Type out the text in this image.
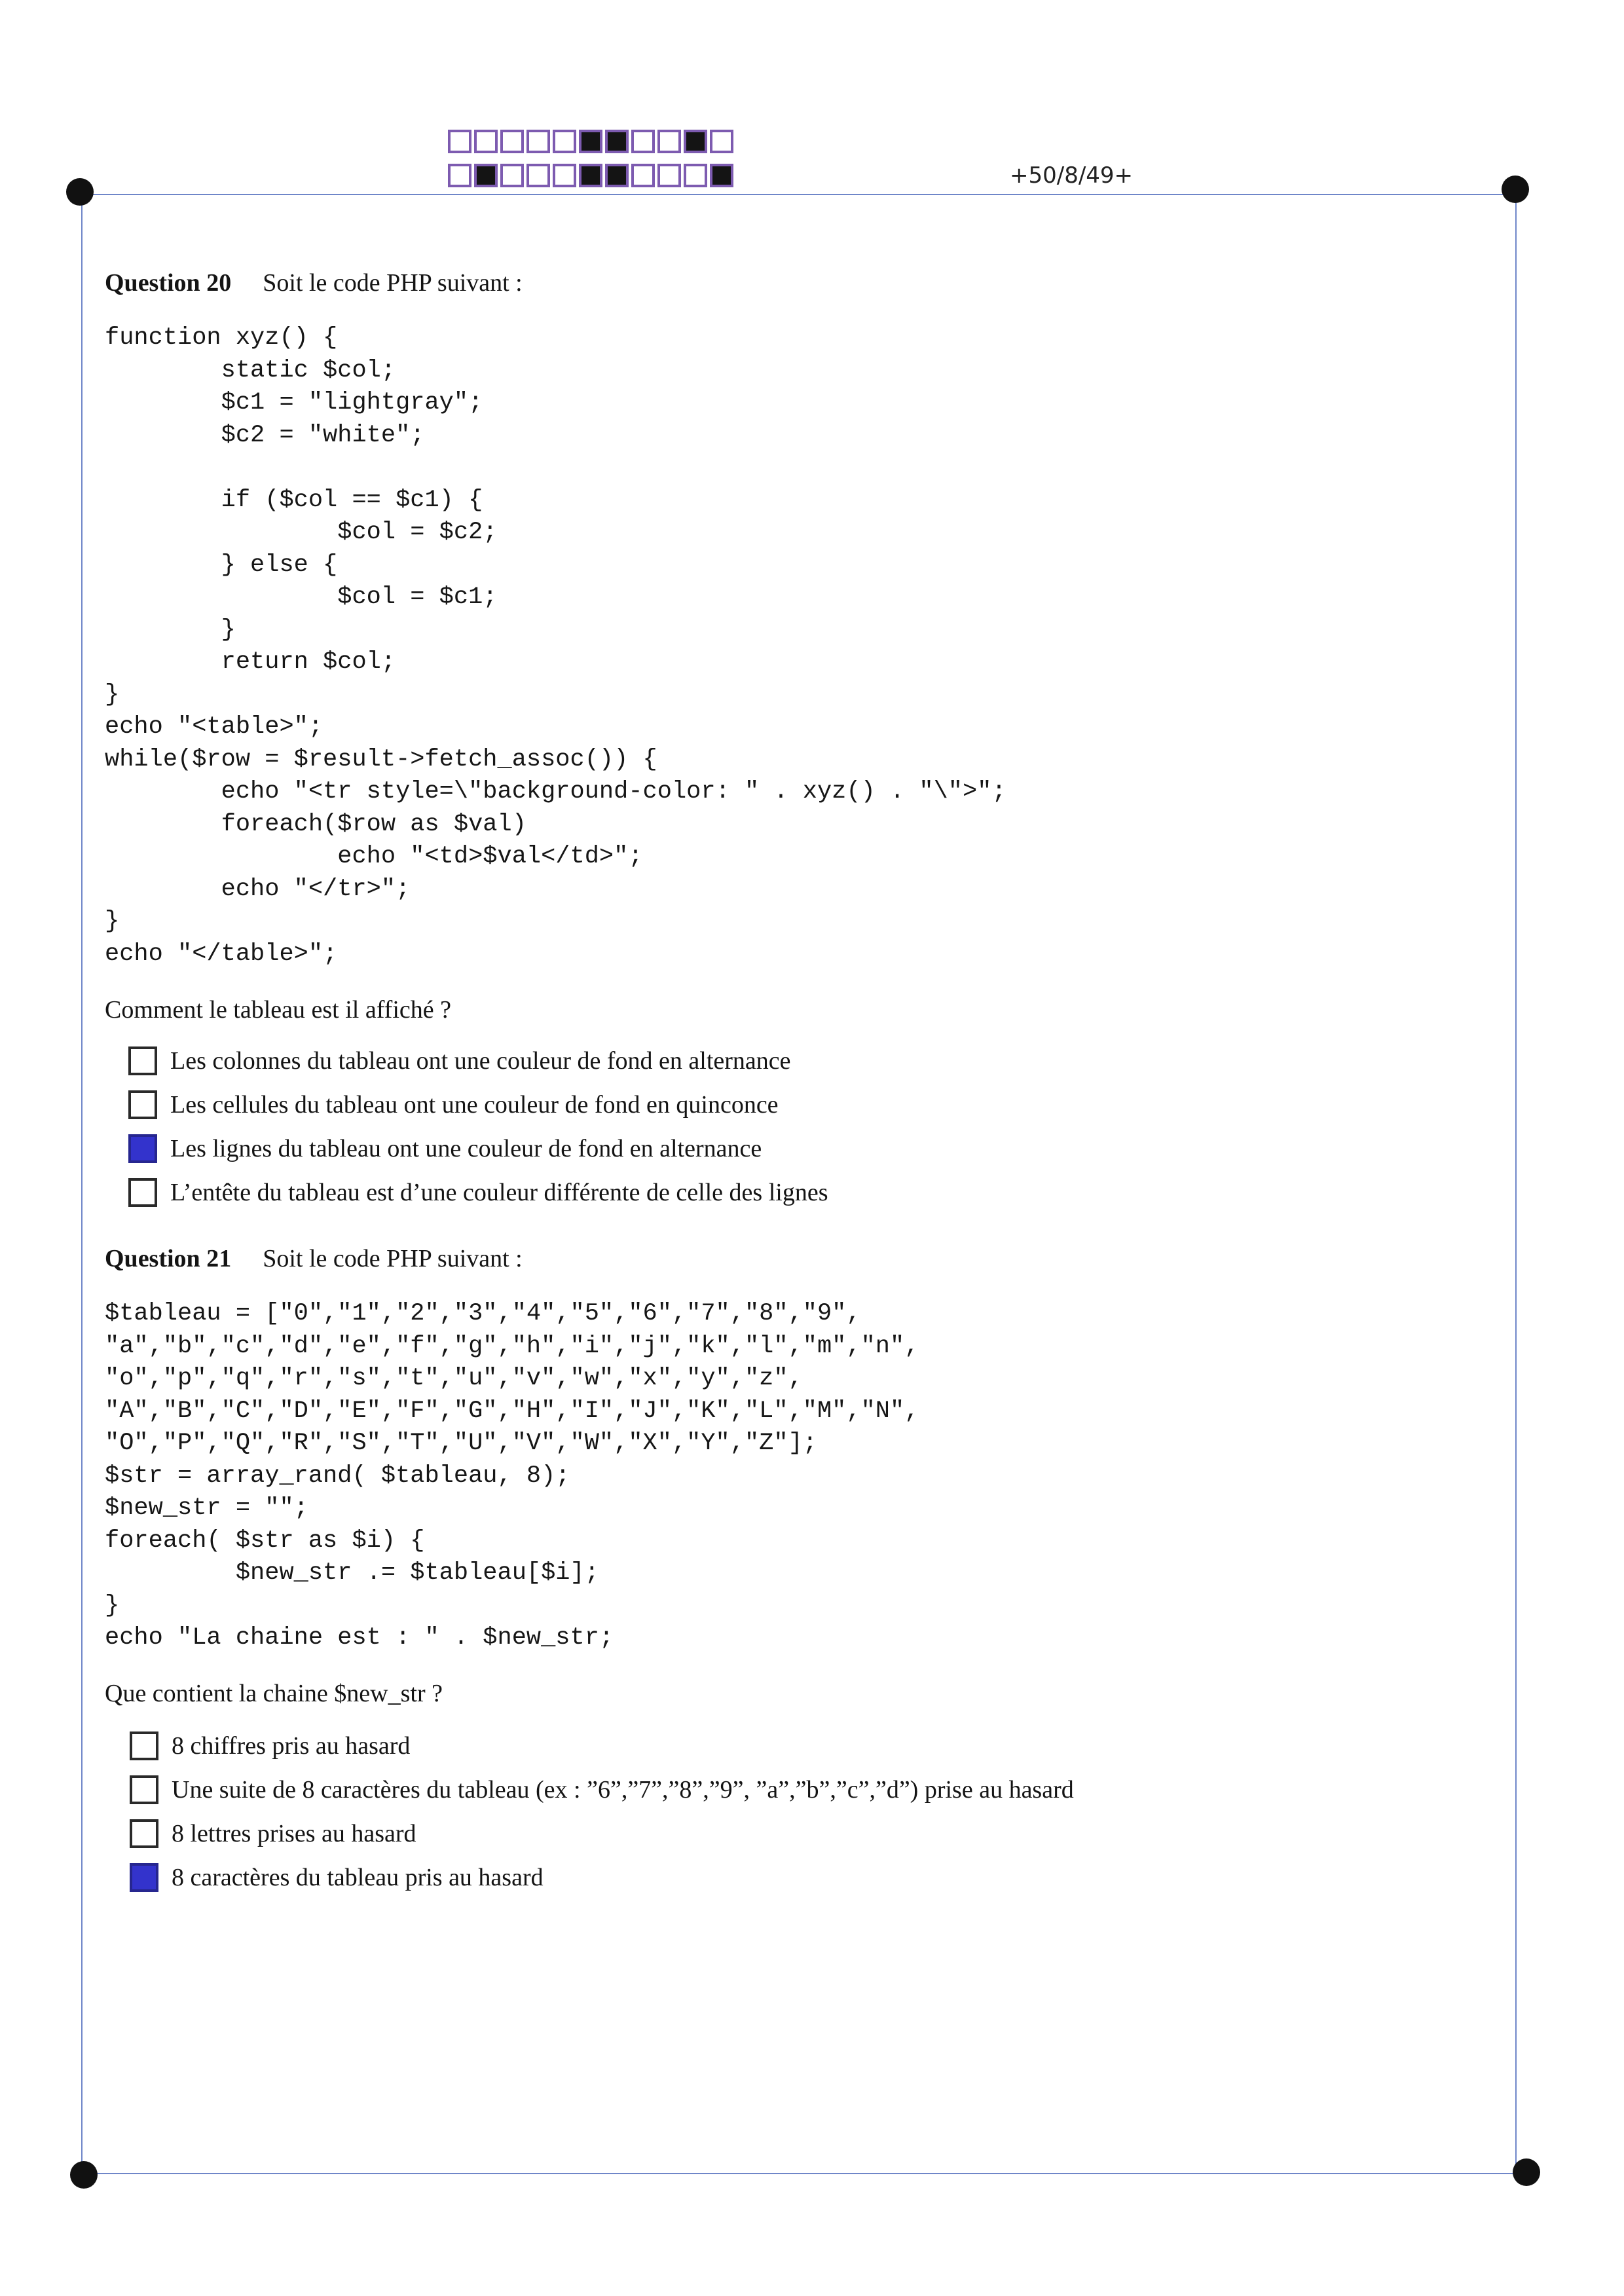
+50/8/49+
Question 20 Soit le code PHP suivant :
function xyz() {
static $col;
$c1 = "lightgray";
$c2 = "white";

if ($col == $c1) {
$col = $c2;
} else {
$col = $c1;
}
return $col;
}
echo "<table>";
while($row = $result->fetch_assoc()) {
echo "<tr style=\"background-color: " . xyz() . "\">";
foreach($row as $val)
echo "<td>$val</td>";
echo "</tr>";
}
echo "</table>";
Comment le tableau est il affiché ?
Les colonnes du tableau ont une couleur de fond en alternance
Les cellules du tableau ont une couleur de fond en quinconce
Les lignes du tableau ont une couleur de fond en alternance
L’entête du tableau est d’une couleur différente de celle des lignes
Question 21 Soit le code PHP suivant :
$tableau = ["0","1","2","3","4","5","6","7","8","9",
"a","b","c","d","e","f","g","h","i","j","k","l","m","n",
"o","p","q","r","s","t","u","v","w","x","y","z",
"A","B","C","D","E","F","G","H","I","J","K","L","M","N",
"O","P","Q","R","S","T","U","V","W","X","Y","Z"];
$str = array_rand( $tableau, 8);
$new_str = "";
foreach( $str as $i) {
$new_str .= $tableau[$i];
}
echo "La chaine est : " . $new_str;
Que contient la chaine $new_str ?
8 chiffres pris au hasard
Une suite de 8 caractères du tableau (ex : ”6”,”7”,”8”,”9”, ”a”,”b”,”c”,”d”) prise au hasard
8 lettres prises au hasard
8 caractères du tableau pris au hasard
